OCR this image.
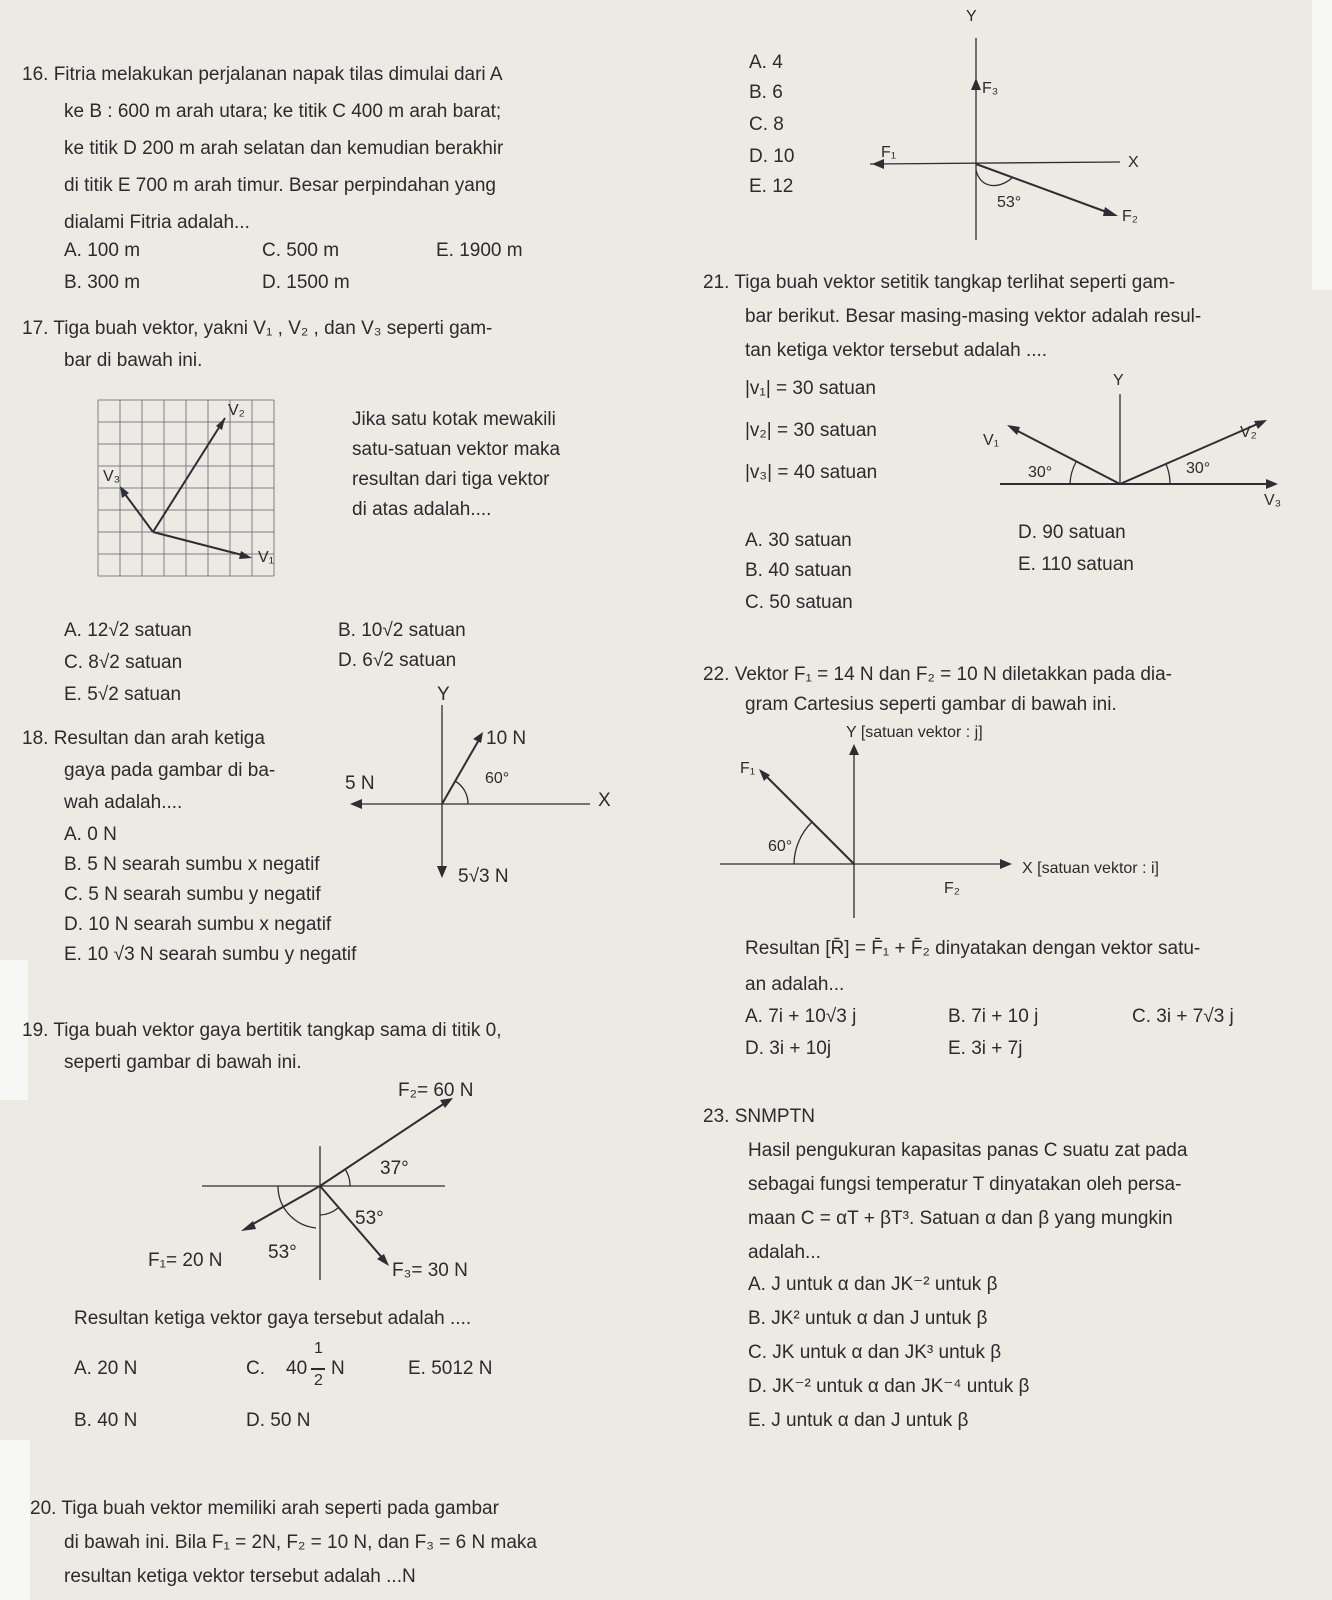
16. Fitria melakukan perjalanan napak tilas dimulai dari A
ke B : 600 m arah utara; ke titik C 400 m arah barat;
ke titik D 200 m arah selatan dan kemudian berakhir
di titik E 700 m arah timur. Besar perpindahan yang
dialami Fitria adalah...
A. 100 m	C. 500 m	E. 1900 m
B. 300 m	D. 1500 m
17. Tiga buah vektor, yakni V₁ , V₂ , dan V₃ seperti gam-
bar di bawah ini.
V₂
V₃
V₁
Jika satu kotak mewakili
satu-satuan vektor maka
resultan dari tiga vektor
di atas adalah....
A. 12√2 satuan	B. 10√2 satuan
C. 8√2 satuan	D. 6√2 satuan
E. 5√2 satuan
18. Resultan dan arah ketiga
gaya pada gambar di ba-
wah adalah....
Y
10 N
5 N	60°
X
5√3 N
A. 0 N
B. 5 N searah sumbu x negatif
C. 5 N searah sumbu y negatif
D. 10 N searah sumbu x negatif
E. 10 √3 N searah sumbu y negatif
19. Tiga buah vektor gaya bertitik tangkap sama di titik 0,
seperti gambar di bawah ini.
F₂= 60 N
37°
53°
F₁= 20 N 53°
F₃= 30 N
Resultan ketiga vektor gaya tersebut adalah ....
A. 20 N	C. 40
1
2
N	E. 5012 N
B. 40 N	D. 50 N
20. Tiga buah vektor memiliki arah seperti pada gambar
di bawah ini. Bila F₁ = 2N, F₂ = 10 N, dan F₃ = 6 N maka
resultan ketiga vektor tersebut adalah ...N
A. 4
B. 6
C. 8
D. 10
E. 12
Y
F₃
F₁
X
53°
F₂
21. Tiga buah vektor setitik tangkap terlihat seperti gam-
bar berikut. Besar masing-masing vektor adalah resul-
tan ketiga vektor tersebut adalah ....
|v₁| = 30 satuan
|v₂| = 30 satuan
|v₃| = 40 satuan
Y
V₁	V₂
30°	30°
V₃
A. 30 satuan	D. 90 satuan
B. 40 satuan	E. 110 satuan
C. 50 satuan
22. Vektor F₁ = 14 N dan F₂ = 10 N diletakkan pada dia-
gram Cartesius seperti gambar di bawah ini.
Y [satuan vektor : j]
F₁
60°
X [satuan vektor : i]
F₂
Resultan [R̄] = F̄₁ + F̄₂ dinyatakan dengan vektor satu-
an adalah...
A. 7i + 10√3 j	B. 7i + 10 j	C. 3i + 7√3 j
D. 3i + 10j	E. 3i + 7j
23. SNMPTN
Hasil pengukuran kapasitas panas C suatu zat pada
sebagai fungsi temperatur T dinyatakan oleh persa-
maan C = αT + βT³. Satuan α dan β yang mungkin
adalah...
A. J untuk α dan JK⁻² untuk β
B. JK² untuk α dan J untuk β
C. JK untuk α dan JK³ untuk β
D. JK⁻² untuk α dan JK⁻⁴ untuk β
E. J untuk α dan J untuk β
